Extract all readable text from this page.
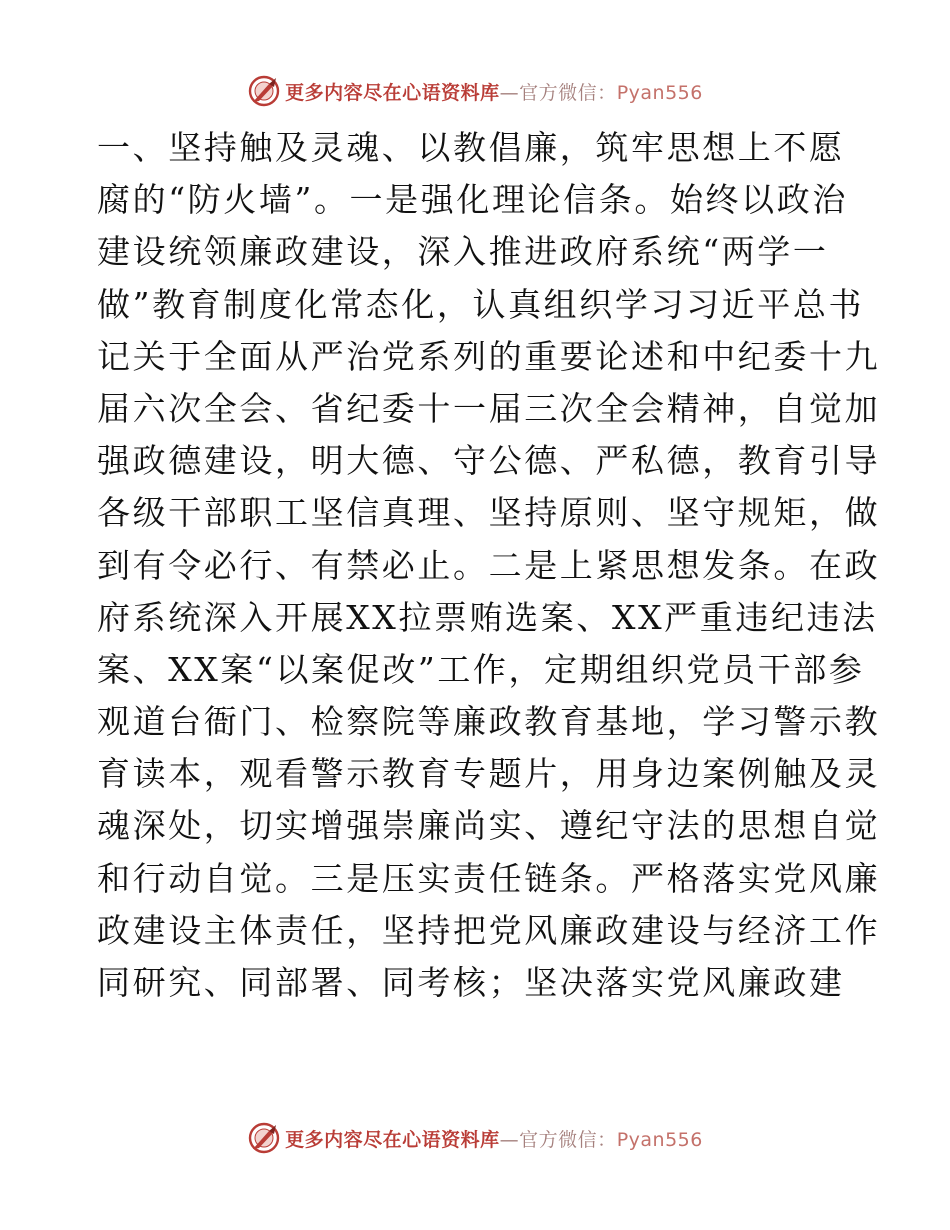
更多内容尽在心语资料库—官方微信：Pyan556
一、坚持触及灵魂、以教倡廉，筑牢思想上不愿
腐的“防火墙”。一是强化理论信条。始终以政治
建设统领廉政建设，深入推进政府系统“两学一
做”教育制度化常态化，认真组织学习习近平总书
记关于全面从严治党系列的重要论述和中纪委十九
届六次全会、省纪委十一届三次全会精神，自觉加
强政德建设，明大德、守公德、严私德，教育引导
各级干部职工坚信真理、坚持原则、坚守规矩，做
到有令必行、有禁必止。二是上紧思想发条。在政
府系统深入开展XX拉票贿选案、XX严重违纪违法
案、XX案“以案促改”工作，定期组织党员干部参
观道台衙门、检察院等廉政教育基地，学习警示教
育读本，观看警示教育专题片，用身边案例触及灵
魂深处，切实增强崇廉尚实、遵纪守法的思想自觉
和行动自觉。三是压实责任链条。严格落实党风廉
政建设主体责任，坚持把党风廉政建设与经济工作
同研究、同部署、同考核；坚决落实党风廉政建
更多内容尽在心语资料库—官方微信：Pyan556
